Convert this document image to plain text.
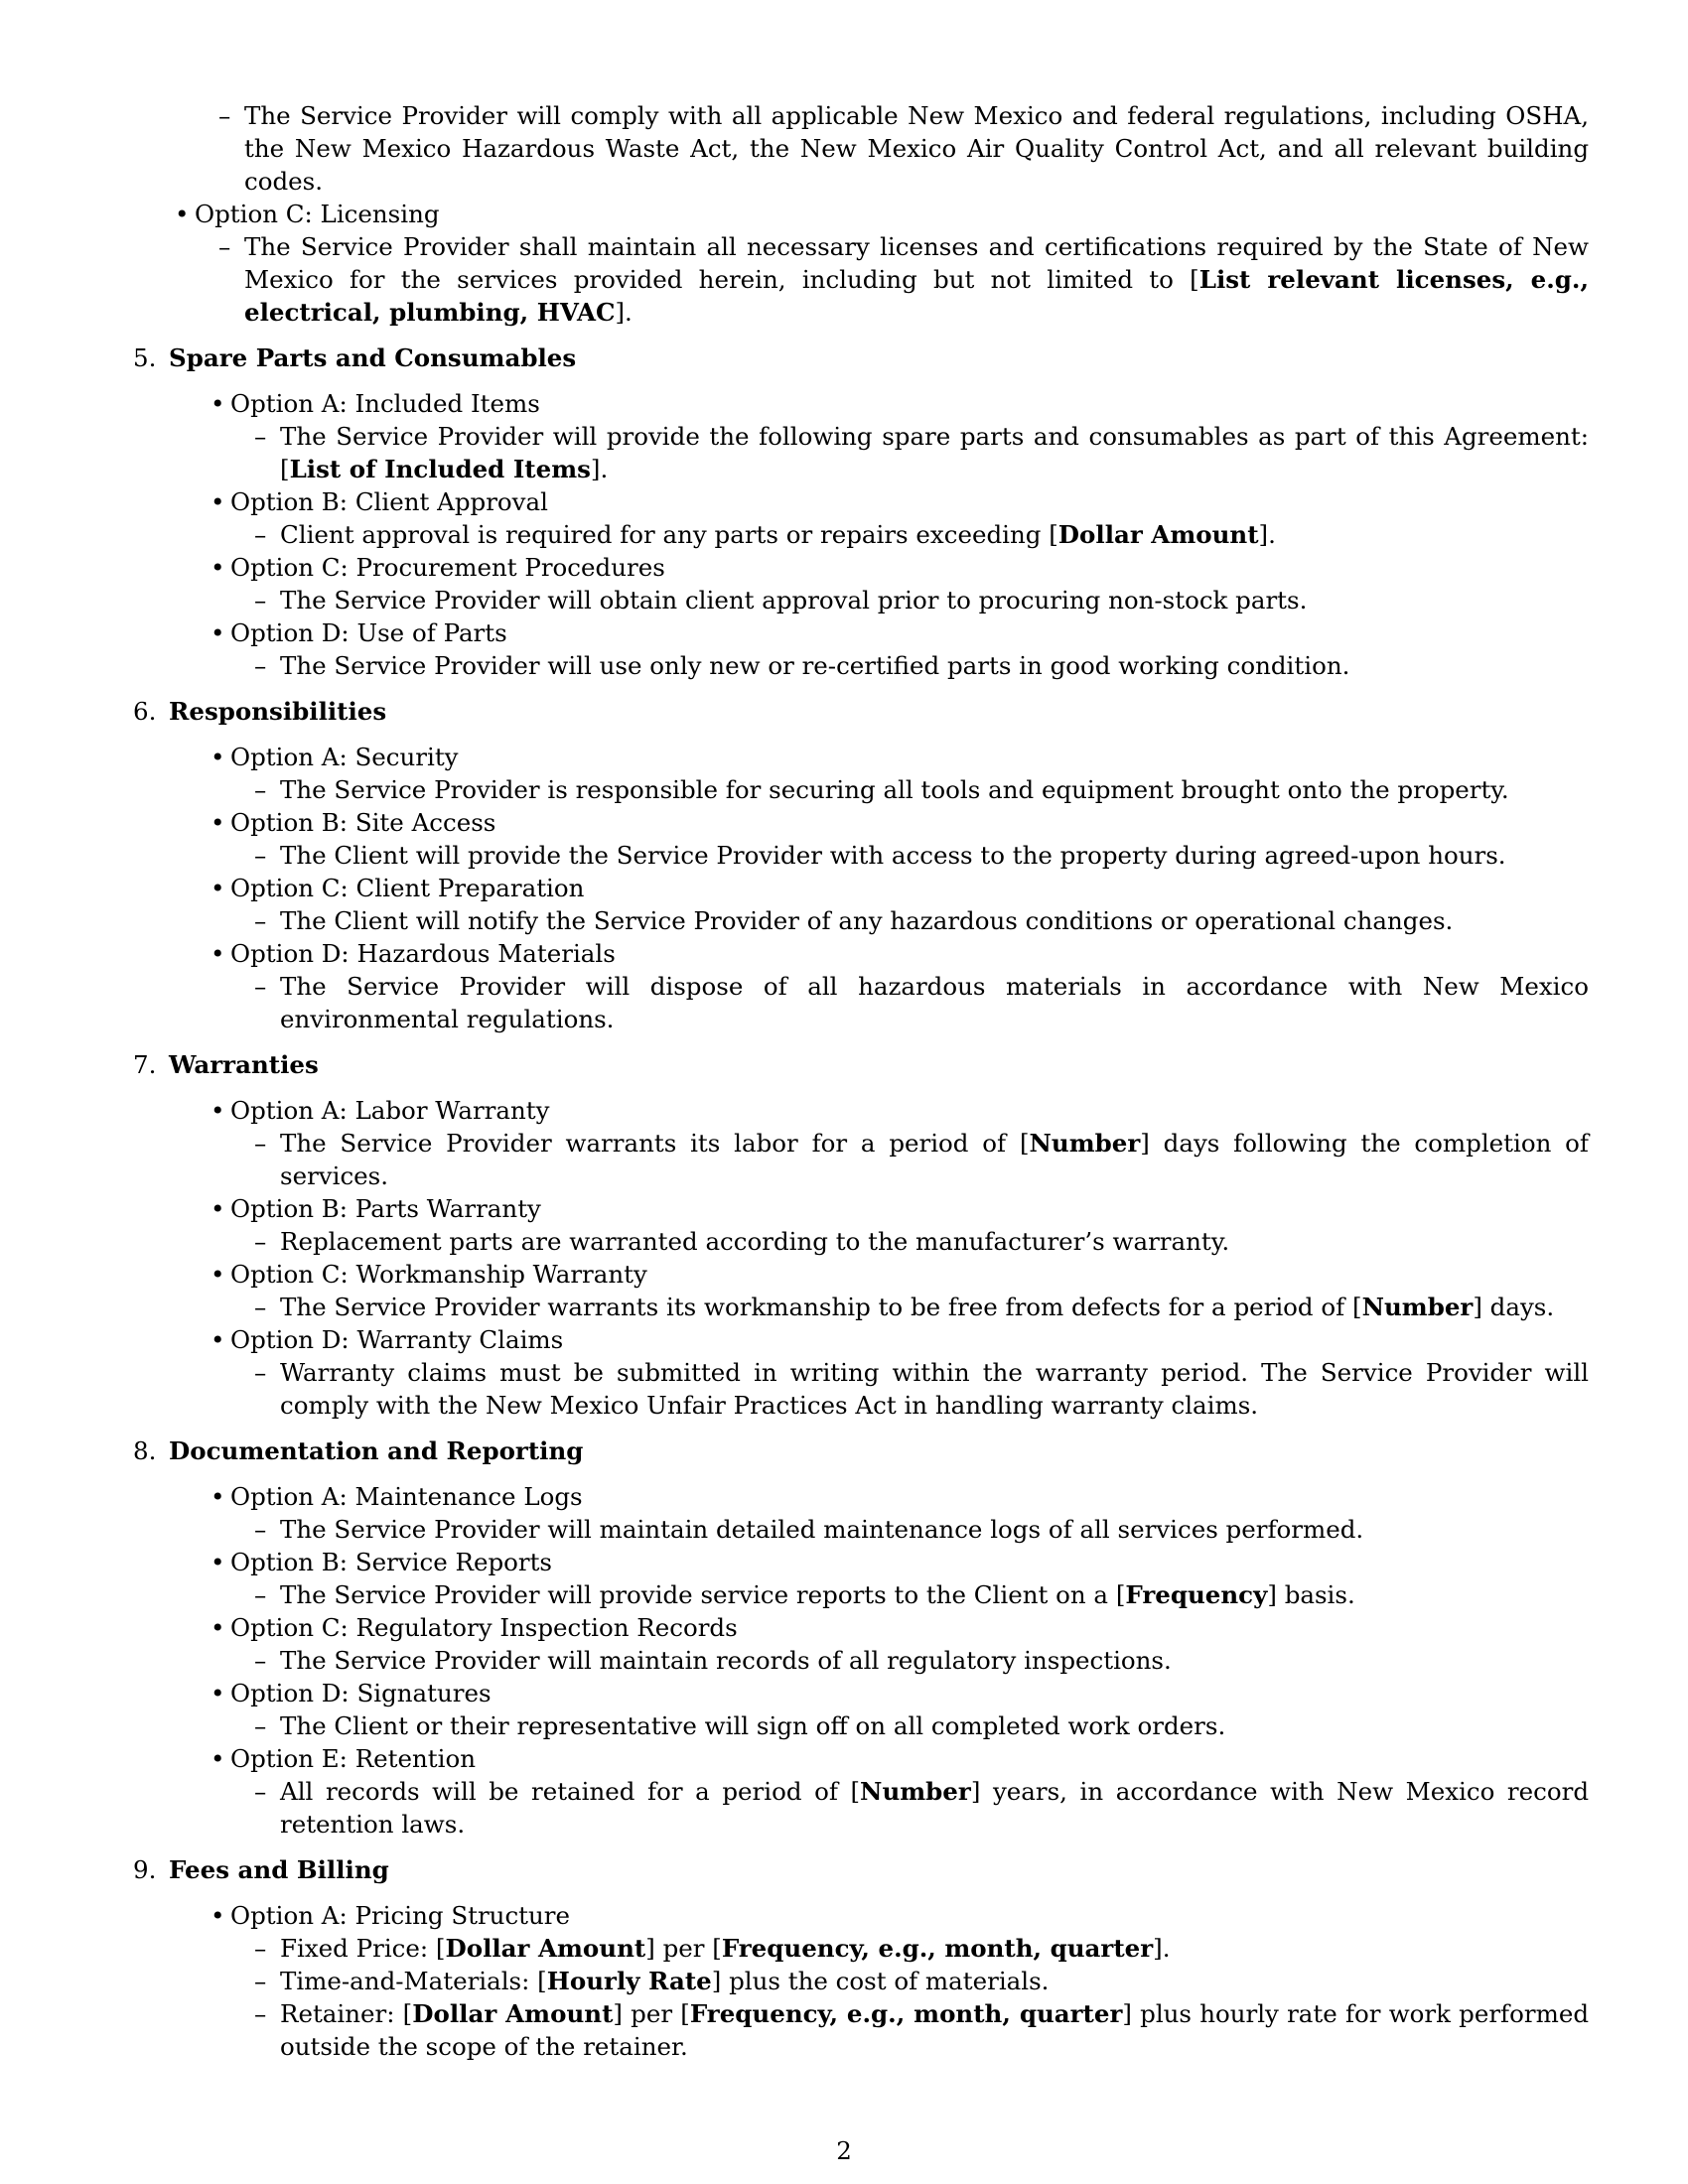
– The Service Provider will comply with all applicable New Mexico and federal regulations, including OSHA, the New Mexico Hazardous Waste Act, the New Mexico Air Quality Control Act, and all relevant building codes.
• Option C: Licensing
– The Service Provider shall maintain all necessary licenses and certifications required by the State of New Mexico for the services provided herein, including but not limited to [List relevant licenses, e.g., electrical, plumbing, HVAC].
5. Spare Parts and Consumables
• Option A: Included Items
– The Service Provider will provide the following spare parts and consumables as part of this Agreement: [List of Included Items].
• Option B: Client Approval
– Client approval is required for any parts or repairs exceeding [Dollar Amount].
• Option C: Procurement Procedures
– The Service Provider will obtain client approval prior to procuring non-stock parts.
• Option D: Use of Parts
– The Service Provider will use only new or re-certified parts in good working condition.
6. Responsibilities
• Option A: Security
– The Service Provider is responsible for securing all tools and equipment brought onto the property.
• Option B: Site Access
– The Client will provide the Service Provider with access to the property during agreed-upon hours.
• Option C: Client Preparation
– The Client will notify the Service Provider of any hazardous conditions or operational changes.
• Option D: Hazardous Materials
– The Service Provider will dispose of all hazardous materials in accordance with New Mexico environmental regulations.
7. Warranties
• Option A: Labor Warranty
– The Service Provider warrants its labor for a period of [Number] days following the completion of services.
• Option B: Parts Warranty
– Replacement parts are warranted according to the manufacturer’s warranty.
• Option C: Workmanship Warranty
– The Service Provider warrants its workmanship to be free from defects for a period of [Number] days.
• Option D: Warranty Claims
– Warranty claims must be submitted in writing within the warranty period. The Service Provider will comply with the New Mexico Unfair Practices Act in handling warranty claims.
8. Documentation and Reporting
• Option A: Maintenance Logs
– The Service Provider will maintain detailed maintenance logs of all services performed.
• Option B: Service Reports
– The Service Provider will provide service reports to the Client on a [Frequency] basis.
• Option C: Regulatory Inspection Records
– The Service Provider will maintain records of all regulatory inspections.
• Option D: Signatures
– The Client or their representative will sign off on all completed work orders.
• Option E: Retention
– All records will be retained for a period of [Number] years, in accordance with New Mexico record retention laws.
9. Fees and Billing
• Option A: Pricing Structure
– Fixed Price: [Dollar Amount] per [Frequency, e.g., month, quarter].
– Time-and-Materials: [Hourly Rate] plus the cost of materials.
– Retainer: [Dollar Amount] per [Frequency, e.g., month, quarter] plus hourly rate for work performed outside the scope of the retainer.
2
